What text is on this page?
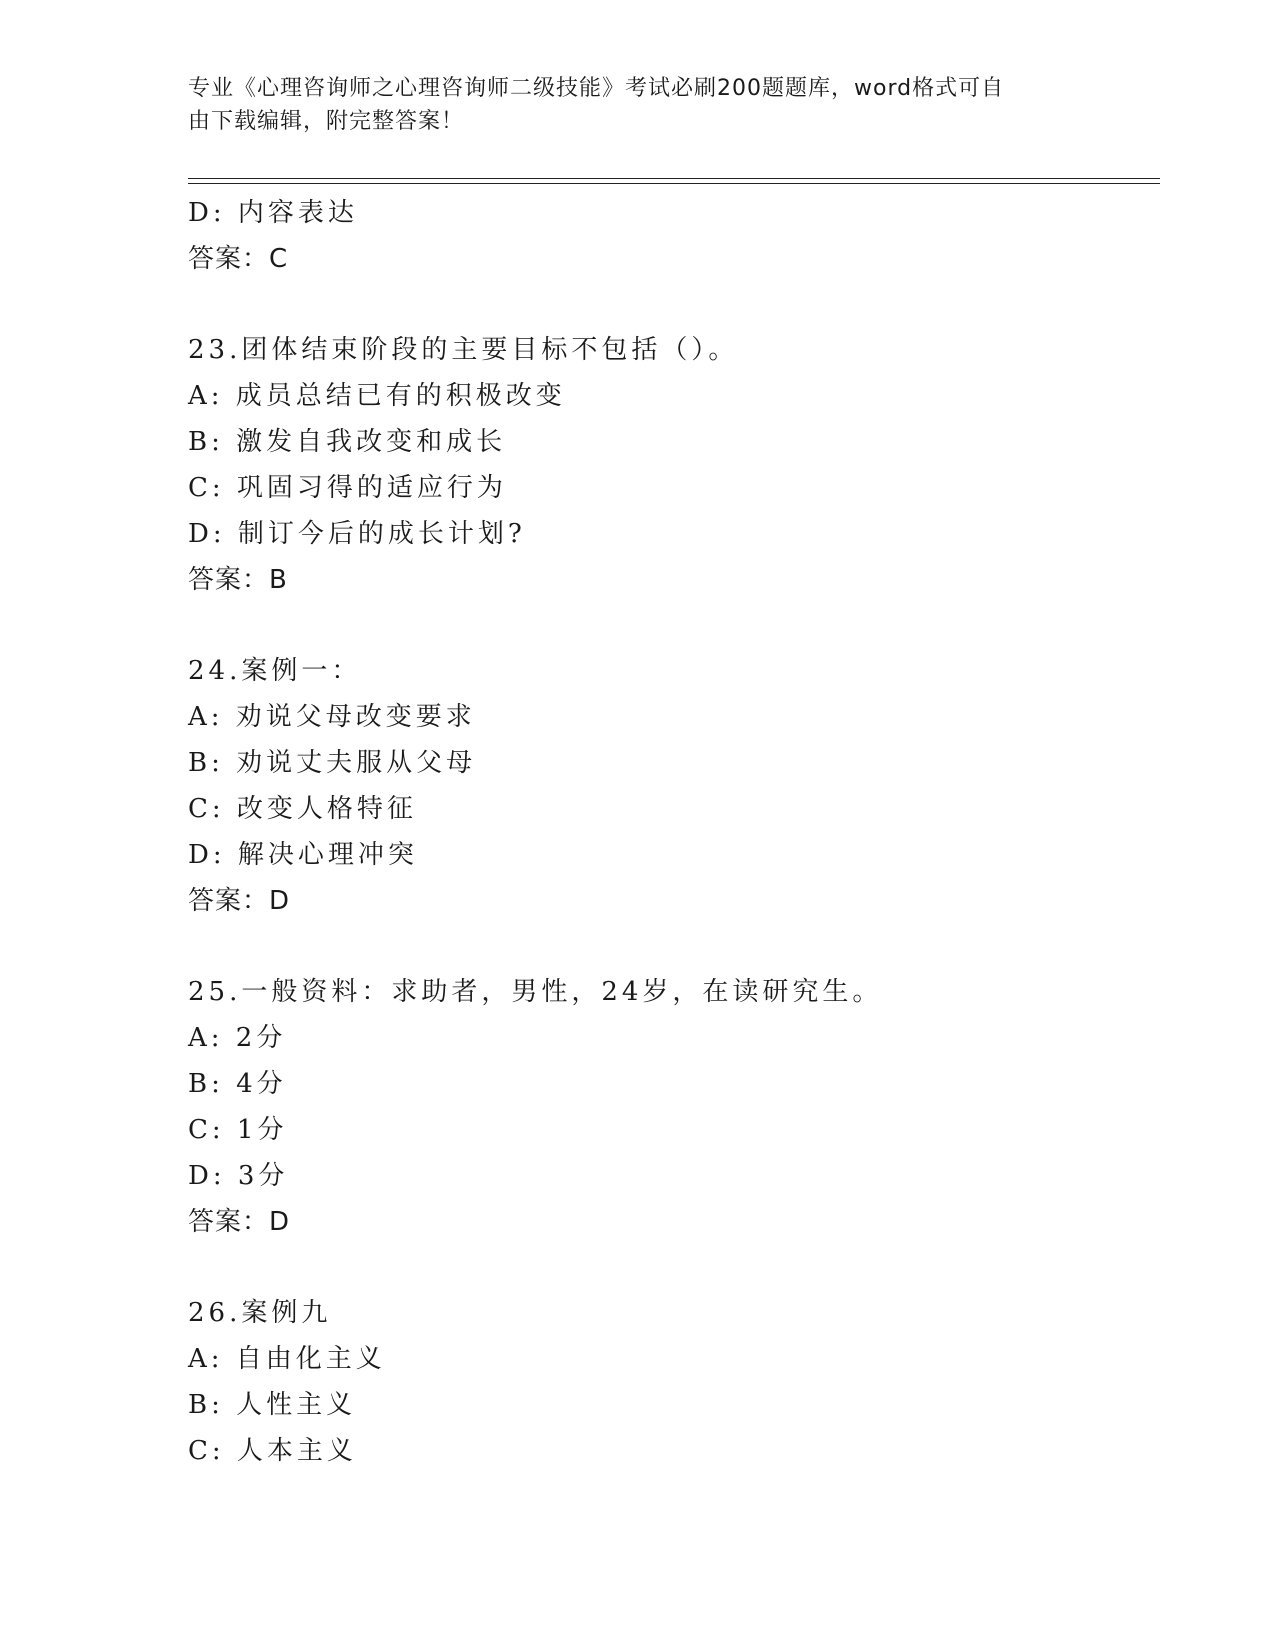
专业《心理咨询师之心理咨询师二级技能》考试必刷200题题库，word格式可自
由下载编辑，附完整答案！
D: 内容表达
答案：C
23.团体结束阶段的主要目标不包括（）。
A: 成员总结已有的积极改变
B: 激发自我改变和成长
C: 巩固习得的适应行为
D: 制订今后的成长计划?
答案：B
24.案例一：
A: 劝说父母改变要求
B: 劝说丈夫服从父母
C: 改变人格特征
D: 解决心理冲突
答案：D
25.一般资料：求助者，男性，24岁，在读研究生。
A: 2分
B: 4分
C: 1分
D: 3分
答案：D
26.案例九
A: 自由化主义
B: 人性主义
C: 人本主义
